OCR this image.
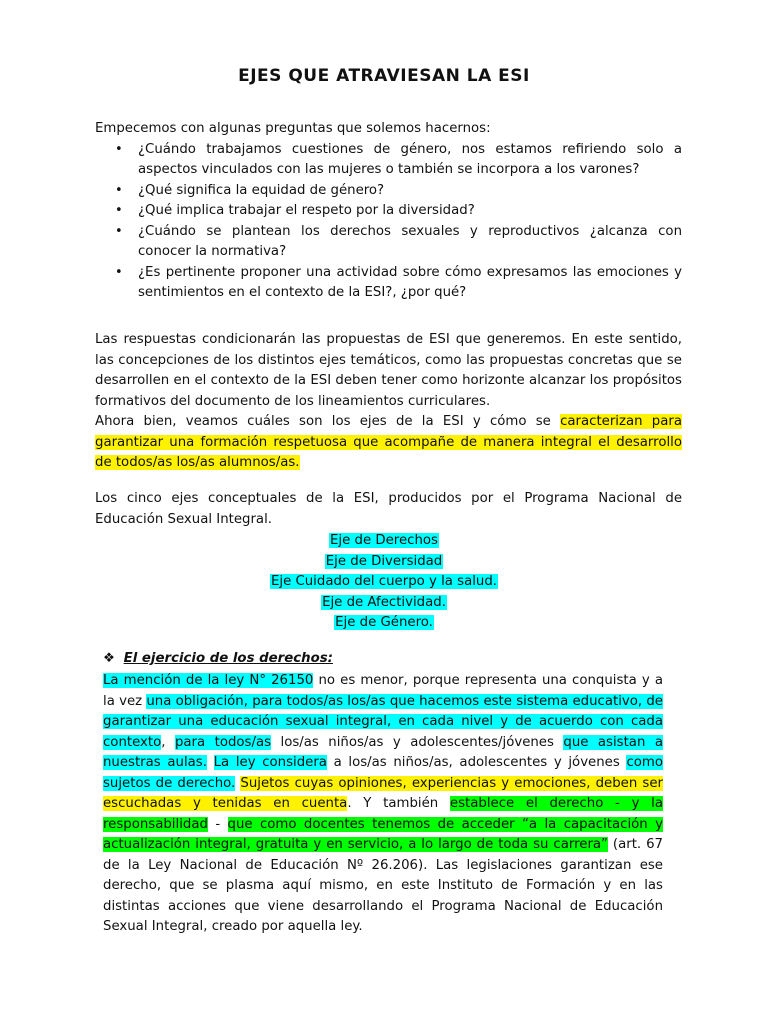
EJES QUE ATRAVIESAN LA ESI
Empecemos con algunas preguntas que solemos hacernos:
• ¿Cuándo trabajamos cuestiones de género, nos estamos refiriendo solo a aspectos vinculados con las mujeres o también se incorpora a los varones?
• ¿Qué significa la equidad de género?
• ¿Qué implica trabajar el respeto por la diversidad?
• ¿Cuándo se plantean los derechos sexuales y reproductivos ¿alcanza con conocer la normativa?
• ¿Es pertinente proponer una actividad sobre cómo expresamos las emociones y sentimientos en el contexto de la ESI?, ¿por qué?
Las respuestas condicionarán las propuestas de ESI que generemos. En este sentido, las concepciones de los distintos ejes temáticos, como las propuestas concretas que se desarrollen en el contexto de la ESI deben tener como horizonte alcanzar los propósitos formativos del documento de los lineamientos curriculares.
Ahora bien, veamos cuáles son los ejes de la ESI y cómo se caracterizan para garantizar una formación respetuosa que acompañe de manera integral el desarrollo de todos/as los/as alumnos/as.
Los cinco ejes conceptuales de la ESI, producidos por el Programa Nacional de Educación Sexual Integral.
Eje de Derechos
Eje de Diversidad
Eje Cuidado del cuerpo y la salud.
Eje de Afectividad.
Eje de Género.
❖ El ejercicio de los derechos:
La mención de la ley N° 26150 no es menor, porque representa una conquista y a la vez una obligación, para todos/as los/as que hacemos este sistema educativo, de garantizar una educación sexual integral, en cada nivel y de acuerdo con cada contexto, para todos/as los/as niños/as y adolescentes/jóvenes que asistan a nuestras aulas. La ley considera a los/as niños/as, adolescentes y jóvenes como sujetos de derecho. Sujetos cuyas opiniones, experiencias y emociones, deben ser escuchadas y tenidas en cuenta. Y también establece el derecho - y la responsabilidad - que como docentes tenemos de acceder “a la capacitación y actualización integral, gratuita y en servicio, a lo largo de toda su carrera” (art. 67 de la Ley Nacional de Educación Nº 26.206). Las legislaciones garantizan ese derecho, que se plasma aquí mismo, en este Instituto de Formación y en las distintas acciones que viene desarrollando el Programa Nacional de Educación Sexual Integral, creado por aquella ley.
